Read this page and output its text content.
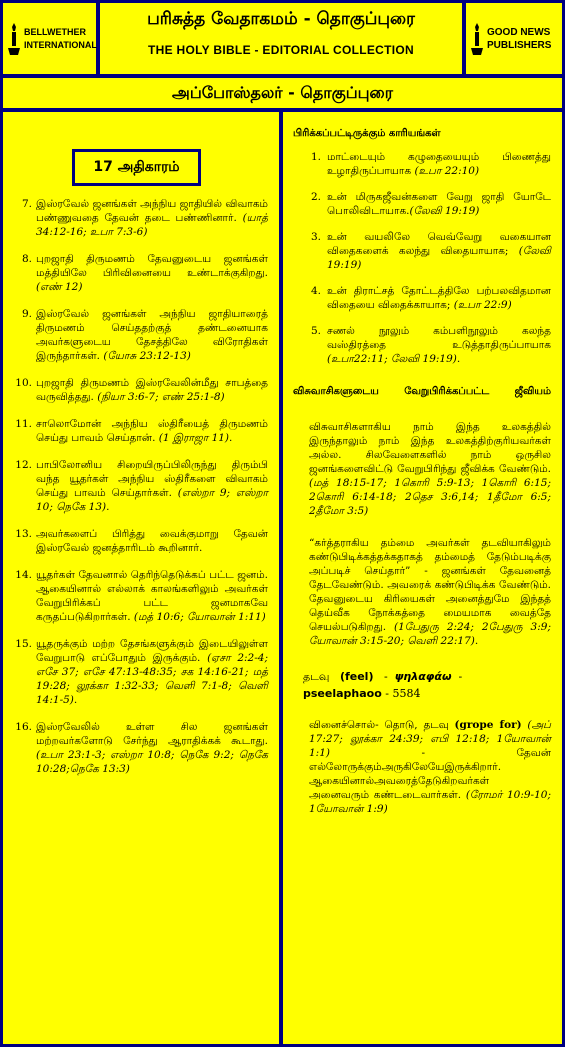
BELLWETHER
INTERNATIONAL
பரிசுத்த வேதாகமம் - தொகுப்புரை
THE HOLY BIBLE - EDITORIAL COLLECTION
GOOD NEWS
PUBLISHERS
அப்போஸ்தலர் - தொகுப்புரை
17 அதிகாரம்
7. இஸ்ரவேல் ஜனங்கள் அந்நிய ஜாதியில் விவாகம் பண்ணுவதை தேவன் தடை பண்ணினார். (யாத் 34:12-16; உபா 7:3-6)
8. புறஜாதி திருமணம் தேவனுடைய ஜனங்கள் மத்தியிலே பிரிவினையை உண்டாக்குகிறது. (எண் 12)
9. இஸ்ரவேல் ஜனங்கள் அந்நிய ஜாதியாரைத் திருமணம் செய்ததற்குத் தண்டனையாக அவர்களுடைய தேசத்திலே விரோதிகள் இருந்தார்கள். (யோசு 23:12-13)
10. புறஜாதி திருமணம் இஸ்ரவேலின்மீது சாபத்தை வருவித்தது. (நியா 3:6-7; எண் 25:1-8)
11. சாலொமோன் அந்நிய ஸ்திரீயைத் திருமணம் செய்து பாவம் செய்தான். (1 இராஜா 11).
12. பாபிலோனிய சிறையிருப்பிலிருந்து திரும்பி வந்த யூதர்கள் அந்நிய ஸ்திரீகளை விவாகம் செய்து பாவம் செய்தார்கள். (எஸ்றா 9; எஸ்றா 10; நெகே 13).
13. அவர்களைப் பிரித்து வைக்குமாறு தேவன் இஸ்ரவேல் ஜனத்தாரிடம் கூறினார்.
14. யூதர்கள் தேவனால் தெரிந்தெடுக்கப் பட்ட ஜனம். ஆகையினால் எல்லாக் காலங்களிலும் அவர்கள் வேறுபிரிக்கப் பட்ட ஜனமாகவே கருதப்படுகிறார்கள். (மத் 10:6; யோவான் 1:11)
15. யூதருக்கும் மற்ற தேசங்களுக்கும் இடையிலுள்ள வேறுபாடு எப்போதும் இருக்கும். (ஏசா 2:2-4; எசே 37; எசே 47:13-48:35; சக 14:16-21; மத் 19:28; லூக்கா 1:32-33; வெளி 7:1-8; வெளி 14:1-5).
16. இஸ்ரவேலில் உள்ள சில ஜனங்கள் மற்றவர்களோடு சேர்ந்து ஆராதிக்கக் கூடாது. (உபா 23:1-3; எஸ்றா 10:8; நெகே 9:2; நெகே 10:28;நெகே 13:3)
பிரிக்கப்பட்டிருக்கும் காரியங்கள்
1. மாட்டையும் கழுதையையும் பிணைத்து உழாதிருப்பாயாக (உபா 22:10)
2. உன் மிருகஜீவன்களை வேறு ஜாதி யோடே பொலிவிடாயாக.(லேவி 19:19)
3. உன் வயலிலே வெவ்வேறு வகையான விதைகளைக் கலந்து விதையாயாக; (லேவி 19:19)
4. உன் திராட்சத் தோட்டத்திலே பற்பலவிதமான விதையை விதைக்காயாக; (உபா 22:9)
5. சணல் நூலும் கம்பளிநூலும் கலந்த வஸ்திரத்தை உடுத்தாதிருப்பாயாக (உபா22:11; லேவி 19:19).
விசுவாசிகளுடைய வேறுபிரிக்கப்பட்ட ஜீவியம்
விசுவாசிகளாகிய நாம் இந்த உலகத்தில் இருந்தாலும் நாம் இந்த உலகத்திற்குரியவர்கள் அல்ல. சிலவேளைகளில் நாம் ஒருசில ஜனங்களைவிட்டு வேறுபிரிந்து ஜீவிக்க வேண்டும். (மத் 18:15-17; 1கொரி 5:9-13; 1கொரி 6:15; 2கொரி 6:14-18; 2தெச 3:6,14; 1தீமோ 6:5; 2தீமோ 3:5)
“கர்த்தராகிய தம்மை அவர்கள் தடவியாகிலும் கண்டுபிடிக்கத்தக்கதாகத் தம்மைத் தேடும்படிக்கு அப்படிச் செய்தார்” - ஜனங்கள் தேவனைத் தேடவேண்டும். அவரைக் கண்டுபிடிக்க வேண்டும். தேவனுடைய கிரியைகள் அனைத்துமே இந்தத் தெய்வீக நோக்கத்தை மையமாக வைத்தே செயல்படுகிறது. (1பேதுரு 2:24; 2பேதுரு 3:9; யோவான் 3:15-20; வெளி 22:17).
தடவு (feel)   -  ψηλαφάω  -
pseelaphaoo - 5584
வினைச்சொல்- தொடு, தடவு (grope for) (அப் 17:27; லூக்கா 24:39; எபி 12:18; 1யோவான் 1:1)	- தேவன் எல்லோருக்கும்அருகிலேயேஇருக்கிறார். ஆகையினால்அவரைத்தேடுகிறவர்கள் அனைவரும் கண்டடைவார்கள். (ரோமர் 10:9-10; 1யோவான் 1:9)
